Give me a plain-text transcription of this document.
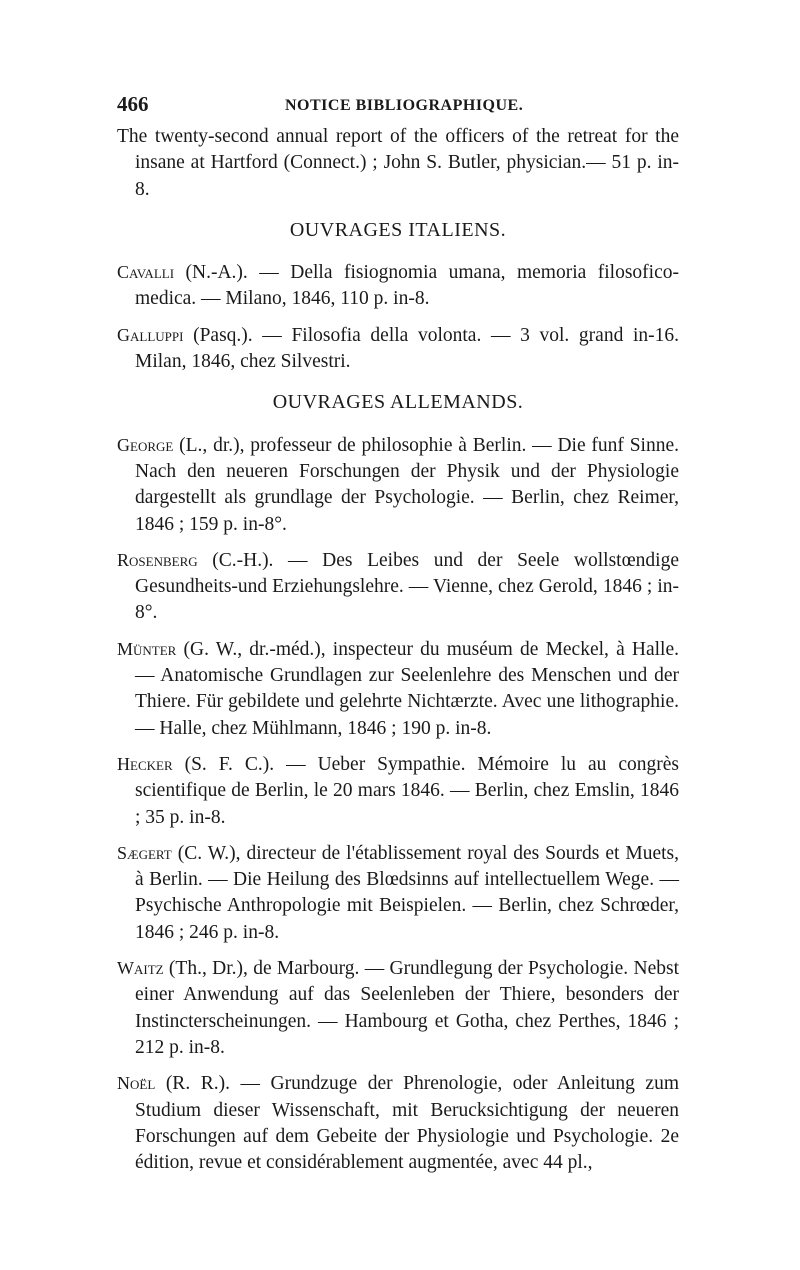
466	NOTICE BIBLIOGRAPHIQUE.

The twenty-second annual report of the officers of the retreat for the insane at Hartford (Connect.) ; John S. Butler, physician.— 51 p. in-8.

OUVRAGES ITALIENS.

Cavalli (N.-A.). — Della fisiognomia umana, memoria filosofico-medica. — Milano, 1846, 110 p. in-8.

Galluppi (Pasq.). — Filosofia della volonta. — 3 vol. grand in-16. Milan, 1846, chez Silvestri.

OUVRAGES ALLEMANDS.

George (L., dr.), professeur de philosophie à Berlin. — Die funf Sinne. Nach den neueren Forschungen der Physik und der Physiologie dargestellt als grundlage der Psychologie. — Berlin, chez Reimer, 1846 ; 159 p. in-8°.

Rosenberg (C.-H.). — Des Leibes und der Seele wollstœndige Gesundheits-und Erziehungslehre. — Vienne, chez Gerold, 1846 ; in-8°.

Münter (G. W., dr.-méd.), inspecteur du muséum de Meckel, à Halle. — Anatomische Grundlagen zur Seelenlehre des Menschen und der Thiere. Für gebildete und gelehrte Nichtærzte. Avec une lithographie. — Halle, chez Mühlmann, 1846 ; 190 p. in-8.

Hecker (S. F. C.). — Ueber Sympathie. Mémoire lu au congrès scientifique de Berlin, le 20 mars 1846. — Berlin, chez Emslin, 1846 ; 35 p. in-8.

Sægert (C. W.), directeur de l'établissement royal des Sourds et Muets, à Berlin. — Die Heilung des Blœdsinns auf intellectuellem Wege. — Psychische Anthropologie mit Beispielen. — Berlin, chez Schrœder, 1846 ; 246 p. in-8.

Waitz (Th., Dr.), de Marbourg. — Grundlegung der Psychologie. Nebst einer Anwendung auf das Seelenleben der Thiere, besonders der Instincterscheinungen. — Hambourg et Gotha, chez Perthes, 1846 ; 212 p. in-8.

Noël (R. R.). — Grundzuge der Phrenologie, oder Anleitung zum Studium dieser Wissenschaft, mit Berucksichtigung der neueren Forschungen auf dem Gebeite der Physiologie und Psychologie. 2e édition, revue et considérablement augmentée, avec 44 pl.,
